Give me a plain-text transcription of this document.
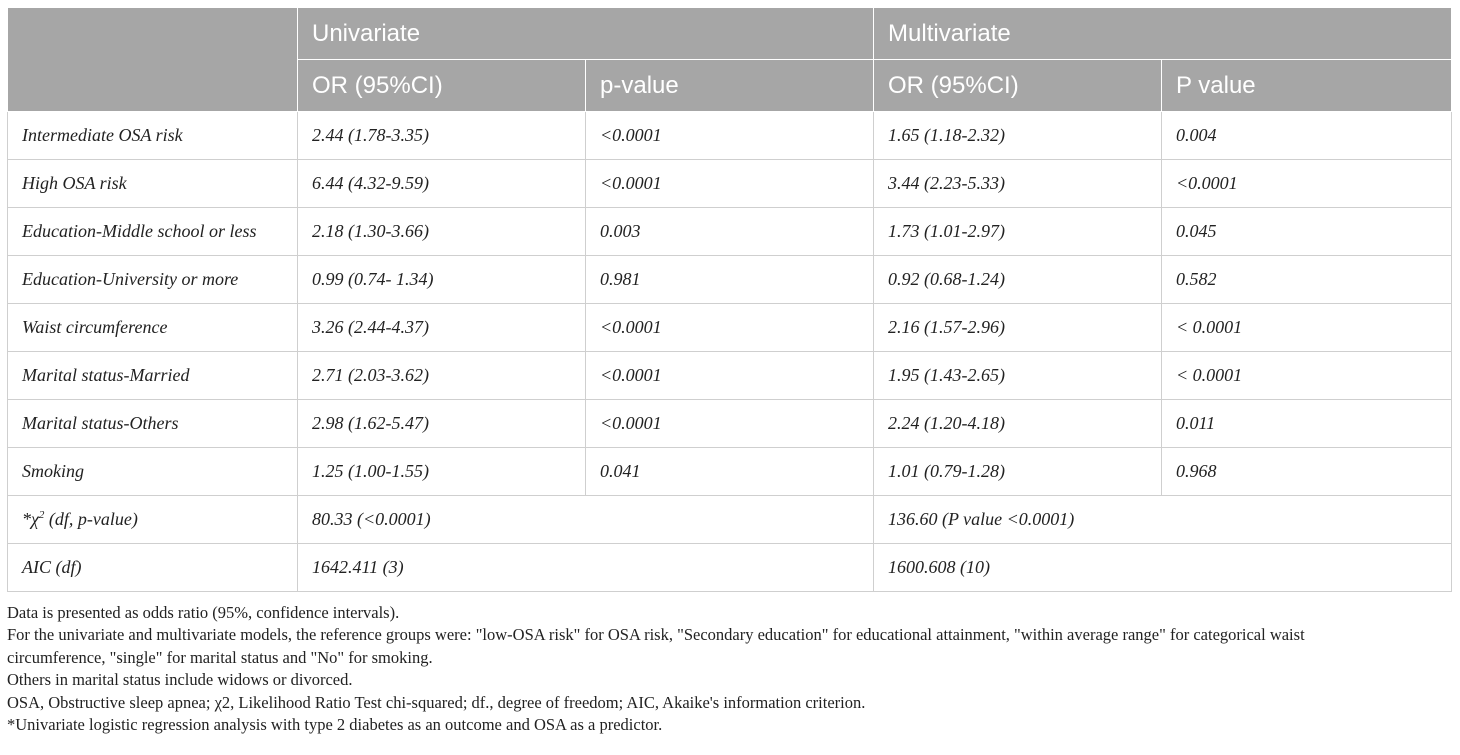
	Univariate		Multivariate	
	OR (95%CI)	p-value	OR (95%CI)	P value
Intermediate OSA risk	2.44 (1.78-3.35)	<0.0001	1.65 (1.18-2.32)	0.004
High OSA risk	6.44 (4.32-9.59)	<0.0001	3.44 (2.23-5.33)	<0.0001
Education-Middle school or less	2.18 (1.30-3.66)	0.003	1.73 (1.01-2.97)	0.045
Education-University or more	0.99 (0.74- 1.34)	0.981	0.92 (0.68-1.24)	0.582
Waist circumference	3.26 (2.44-4.37)	<0.0001	2.16 (1.57-2.96)	< 0.0001
Marital status-Married	2.71 (2.03-3.62)	<0.0001	1.95 (1.43-2.65)	< 0.0001
Marital status-Others	2.98 (1.62-5.47)	<0.0001	2.24 (1.20-4.18)	0.011
Smoking	1.25 (1.00-1.55)	0.041	1.01 (0.79-1.28)	0.968
$*\chi^2$ (df, p-value)	80.33 (<0.0001)		136.60 (P value <0.0001)	
AIC (df)	1642.411 (3)		1600.608 (10)	
Data is presented as odds ratio (95%, confidence intervals).
For the univariate and multivariate models, the reference groups were: "low-OSA risk" for OSA risk, "Secondary education" for educational attainment, "within average range" for categorical waist
circumference, "single" for marital status and "No" for smoking.
Others in marital status include widows or divorced.
OSA, Obstructive sleep apnea; χ2, Likelihood Ratio Test chi-squared; df., degree of freedom; AIC, Akaike's information criterion.
*Univariate logistic regression analysis with type 2 diabetes as an outcome and OSA as a predictor.
